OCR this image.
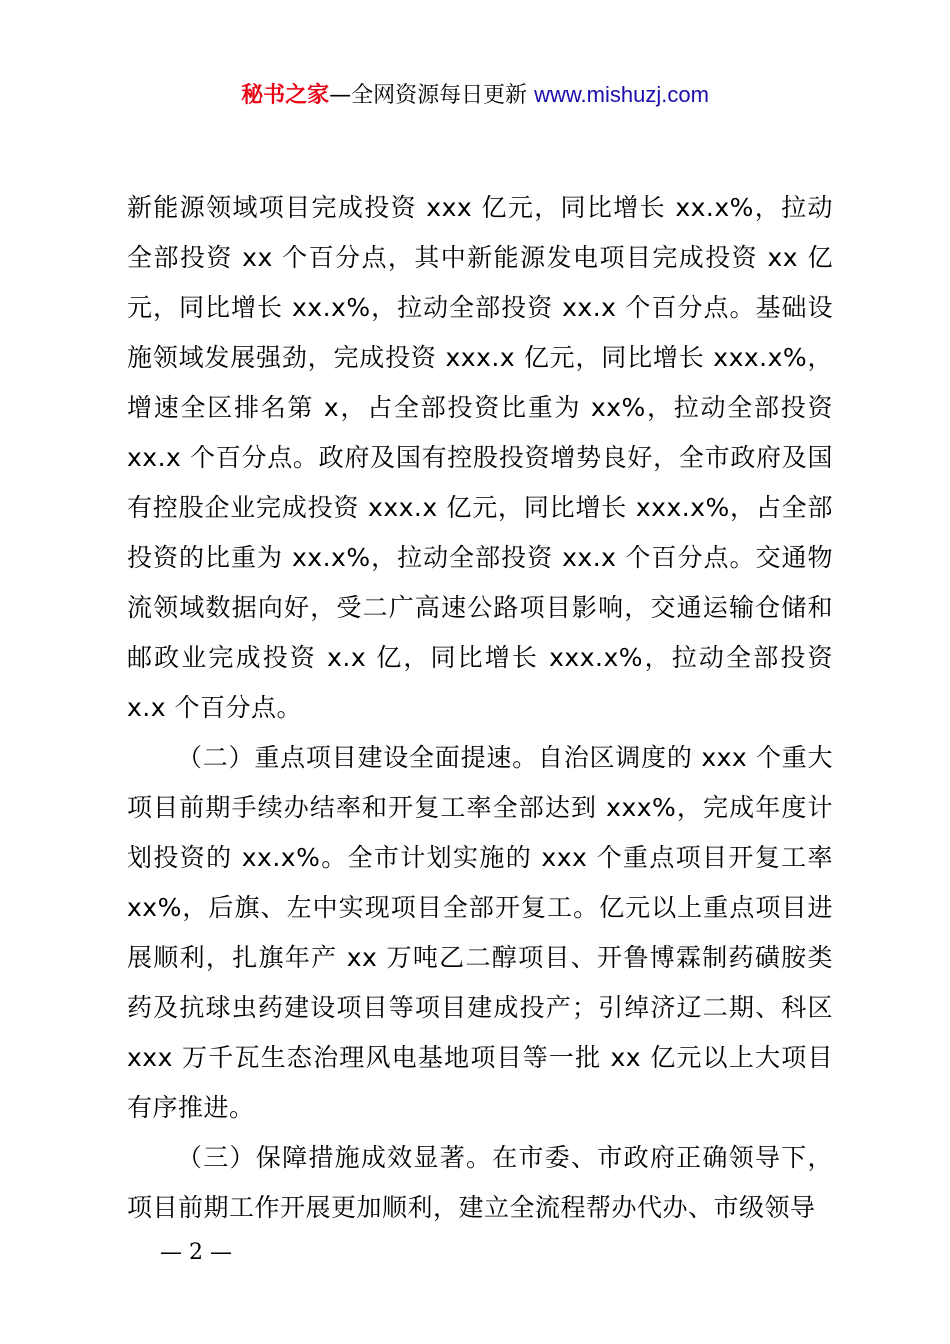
秘书之家—全网资源每日更新 www.mishuzj.com

新能源领域项目完成投资 xxx 亿元，同比增长 xx.x%，拉动全部投资 xx 个百分点，其中新能源发电项目完成投资 xx 亿元，同比增长 xx.x%，拉动全部投资 xx.x 个百分点。基础设施领域发展强劲，完成投资 xxx.x 亿元，同比增长 xxx.x%，增速全区排名第 x，占全部投资比重为 xx%，拉动全部投资 xx.x 个百分点。政府及国有控股投资增势良好，全市政府及国有控股企业完成投资 xxx.x 亿元，同比增长 xxx.x%，占全部投资的比重为 xx.x%，拉动全部投资 xx.x 个百分点。交通物流领域数据向好，受二广高速公路项目影响，交通运输仓储和邮政业完成投资 x.x 亿，同比增长 xxx.x%，拉动全部投资 x.x 个百分点。

（二）重点项目建设全面提速。自治区调度的 xxx 个重大项目前期手续办结率和开复工率全部达到 xxx%，完成年度计划投资的 xx.x%。全市计划实施的 xxx 个重点项目开复工率 xx%，后旗、左中实现项目全部开复工。亿元以上重点项目进展顺利，扎旗年产 xx 万吨乙二醇项目、开鲁博霖制药磺胺类药及抗球虫药建设项目等项目建成投产；引绰济辽二期、科区 xxx 万千瓦生态治理风电基地项目等一批 xx 亿元以上大项目有序推进。

（三）保障措施成效显著。在市委、市政府正确领导下，项目前期工作开展更加顺利，建立全流程帮办代办、市级领导

— 2 —
